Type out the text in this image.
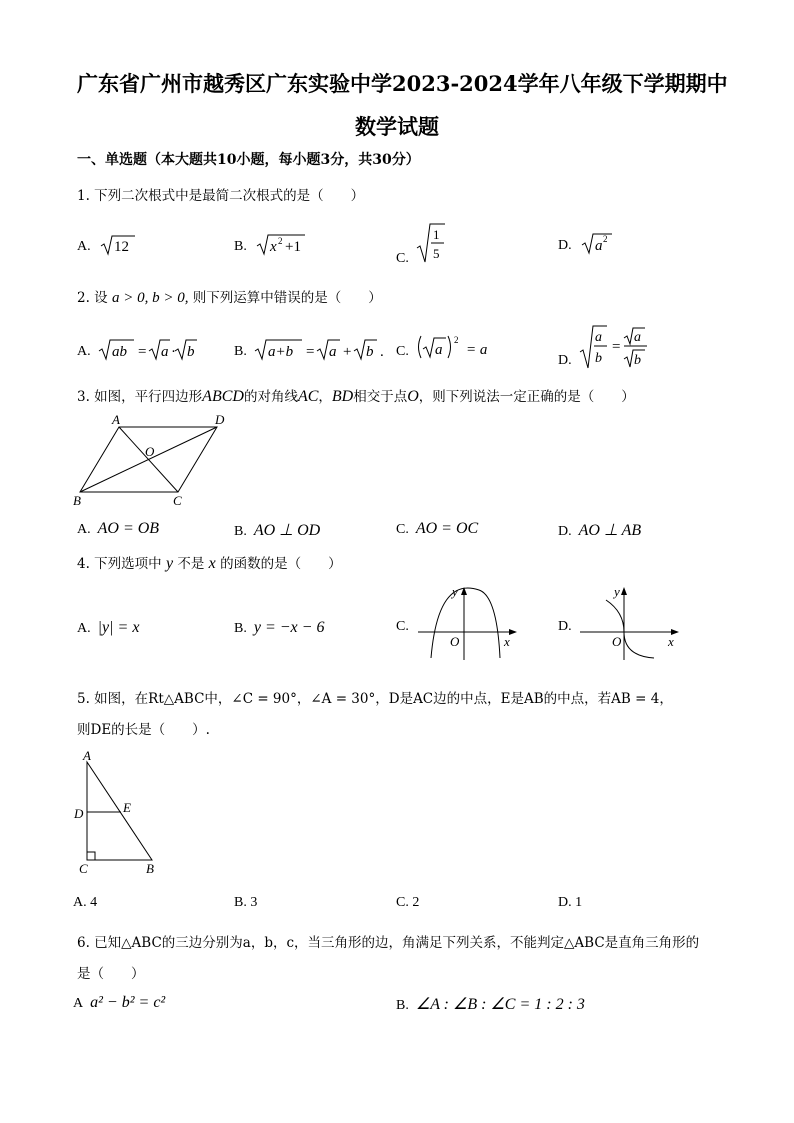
广东省广州市越秀区广东实验中学2023-2024学年八年级下学期期中
数学试题
一、单选题（本大题共10小题，每小题3分，共30分）
1. 下列二次根式中是最简二次根式的是（　　）
A. 12	B. x 2 +1
C.
1
5
D. a 2
2. 设 a > 0, b > 0, 则下列运算中错误的是（　　）
A. ab = a · b	B. a+b = a + b . C. a
2
= a
D.
a
b
=
a
b
3. 如图，平行四边形ABCD的对角线AC，BD相交于点O，则下列说法一定正确的是（　　）
A	D
O
B	C
A. AO = OB	B. AO ⊥ OD	C. AO = OC	D. AO ⊥ AB
4. 下列选项中 y 不是 x 的函数的是（　　）
A. |y| = x	B. y = −x − 6	C.
y
O	x
D.
y
O	x
5. 如图，在Rt△ABC中，∠C = 90°，∠A = 30°，D是AC边的中点，E是AB的中点，若AB = 4，
则DE的长是（　　）.
A
D	E
C	B
A. 4	B. 3	C. 2	D. 1
6. 已知△ABC的三边分别为a，b，c，当三角形的边，角满足下列关系，不能判定△ABC是直角三角形的
是（　　）
A a² − b² = c²	B. ∠A : ∠B : ∠C = 1 : 2 : 3
